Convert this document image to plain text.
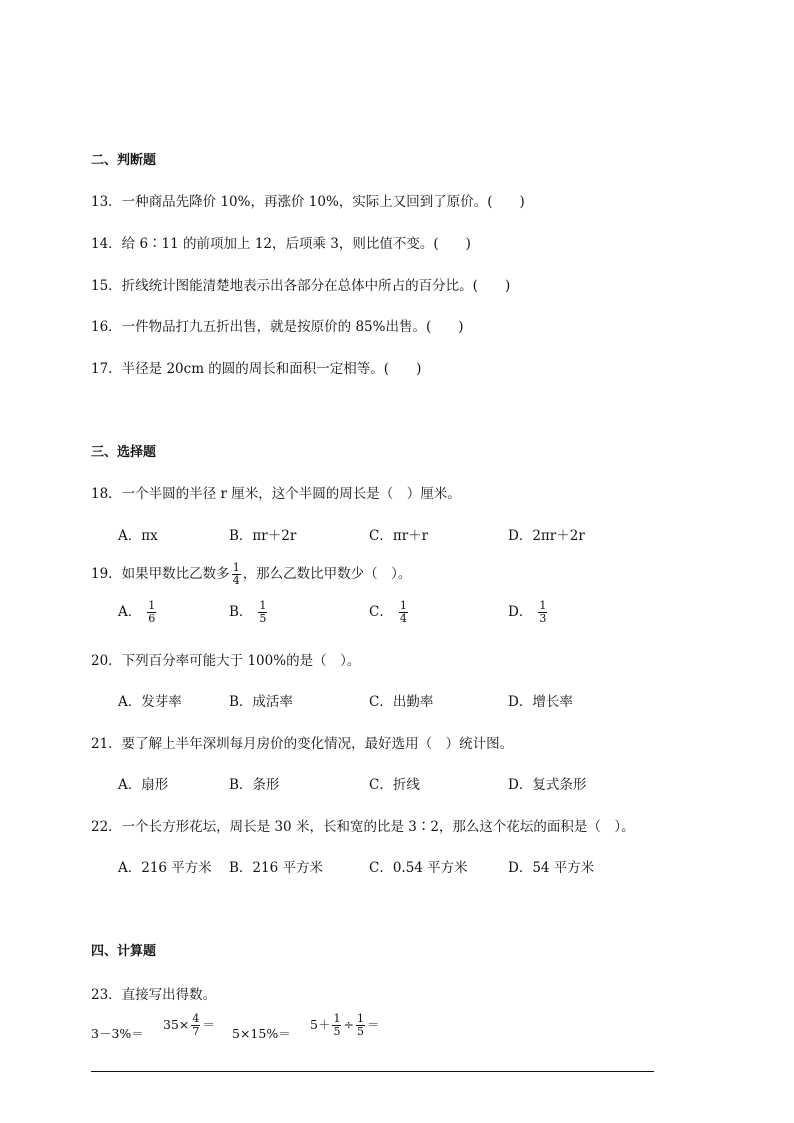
二、判断题
13．一种商品先降价 10%，再涨价 10%，实际上又回到了原价。(　　)
14．给 6∶11 的前项加上 12，后项乘 3，则比值不变。(　　)
15．折线统计图能清楚地表示出各部分在总体中所占的百分比。(　　)
16．一件物品打九五折出售，就是按原价的 85%出售。(　　)
17．半径是 20cm 的圆的周长和面积一定相等。(　　)
三、选择题
18．一个半圆的半径 r 厘米，这个半圆的周长是（　）厘米。
A．πx	B．πr＋2r	C．πr＋r	D．2πr＋2r
19．如果甲数比乙数多 $\frac{1}{4}$ ，那么乙数比甲数少（　）。
A． $\frac{1}{6}$	B． $\frac{1}{5}$	C． $\frac{1}{4}$	D． $\frac{1}{3}$
20．下列百分率可能大于 100%的是（　）。
A．发芽率	B．成活率	C．出勤率	D．增长率
21．要了解上半年深圳每月房价的变化情况，最好选用（　）统计图。
A．扇形	B．条形	C．折线	D．复式条形
22．一个长方形花坛，周长是 30 米，长和宽的比是 3∶2，那么这个花坛的面积是（　）。
A．216 平方米 B．216 平方米	C．0.54 平方米	D．54 平方米
四、计算题
23．直接写出得数。
3－3%＝
$35\times \frac{4}{7}$ ＝
5×15%＝
$5+ \frac{1}{5} \div \frac{1}{5}$ ＝
